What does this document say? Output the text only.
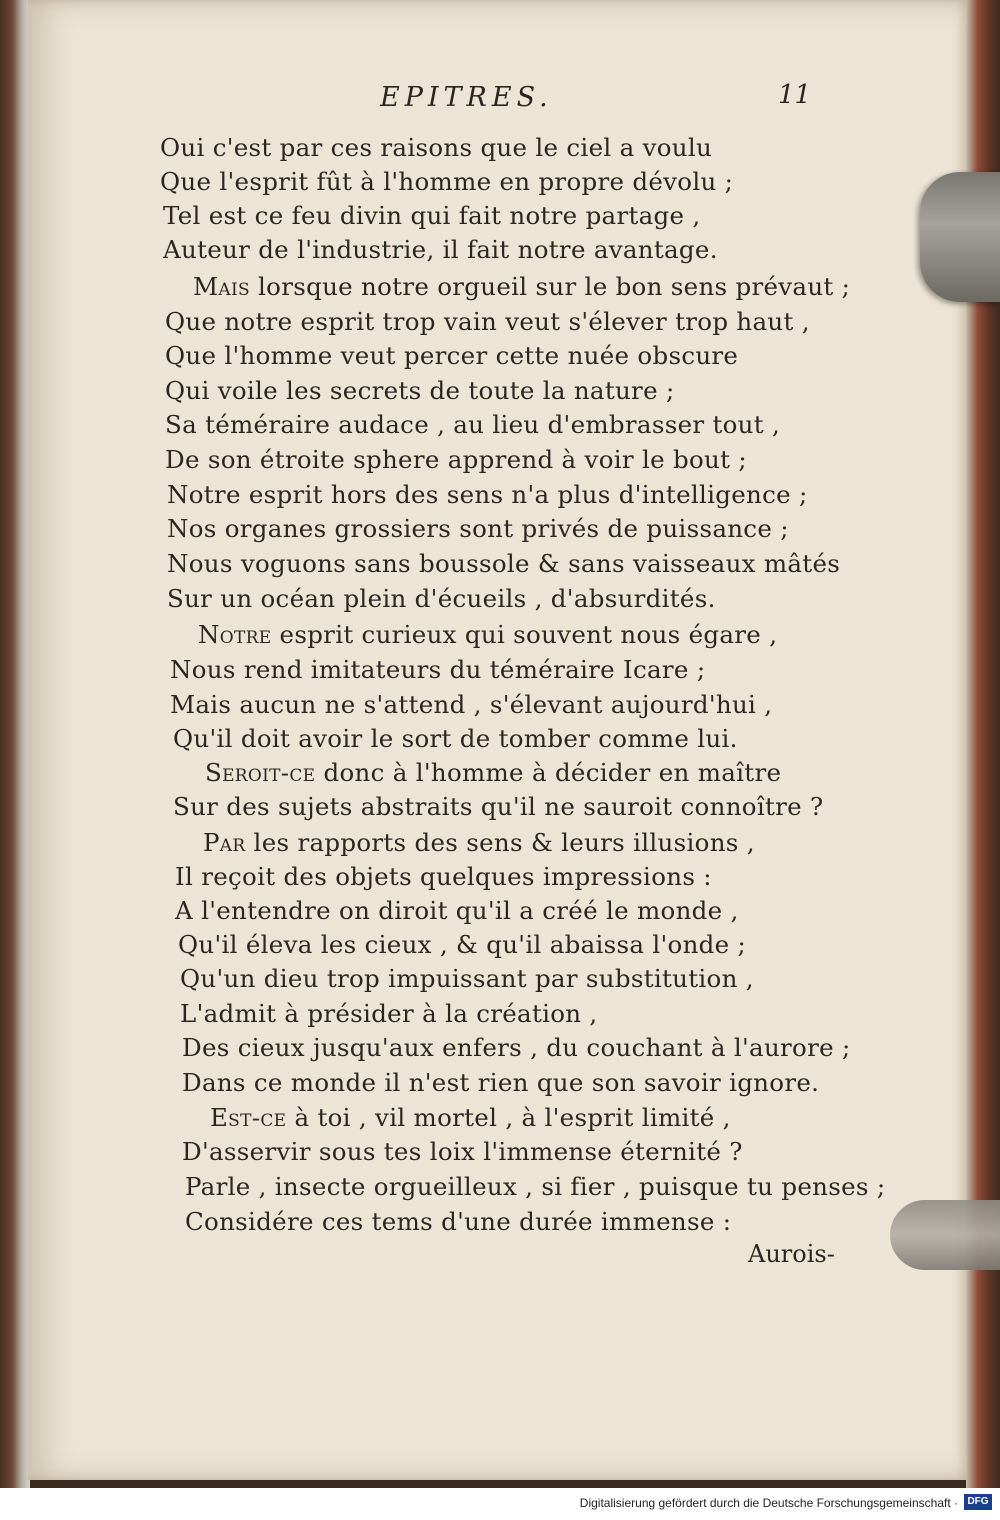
EPITRES.	11
Oui c'est par ces raisons que le ciel a voulu
Que l'esprit fût à l'homme en propre dévolu ;
Tel est ce feu divin qui fait notre partage ,
Auteur de l'industrie, il fait notre avantage.
Mais lorsque notre orgueil sur le bon sens prévaut ;
Que notre esprit trop vain veut s'élever trop haut ,
Que l'homme veut percer cette nuée obscure
Qui voile les secrets de toute la nature ;
Sa téméraire audace , au lieu d'embrasser tout ,
De son étroite sphere apprend à voir le bout ;
Notre esprit hors des sens n'a plus d'intelligence ;
Nos organes grossiers sont privés de puissance ;
Nous voguons sans boussole & sans vaisseaux mâtés
Sur un océan plein d'écueils , d'absurdités.
Notre esprit curieux qui souvent nous égare ,
Nous rend imitateurs du téméraire Icare ;
Mais aucun ne s'attend , s'élevant aujourd'hui ,
Qu'il doit avoir le sort de tomber comme lui.
Seroit-ce donc à l'homme à décider en maître
Sur des sujets abstraits qu'il ne sauroit connoître ?
Par les rapports des sens & leurs illusions ,
Il reçoit des objets quelques impressions :
A l'entendre on diroit qu'il a créé le monde ,
Qu'il éleva les cieux , & qu'il abaissa l'onde ;
Qu'un dieu trop impuissant par substitution ,
L'admit à présider à la création ,
Des cieux jusqu'aux enfers , du couchant à l'aurore ;
Dans ce monde il n'est rien que son savoir ignore.
Est-ce à toi , vil mortel , à l'esprit limité ,
D'asservir sous tes loix l'immense éternité ?
Parle , insecte orgueilleux , si fier , puisque tu penses ;
Considére ces tems d'une durée immense :
Aurois-
Digitalisierung gefördert durch die Deutsche Forschungsgemeinschaft · DFG
